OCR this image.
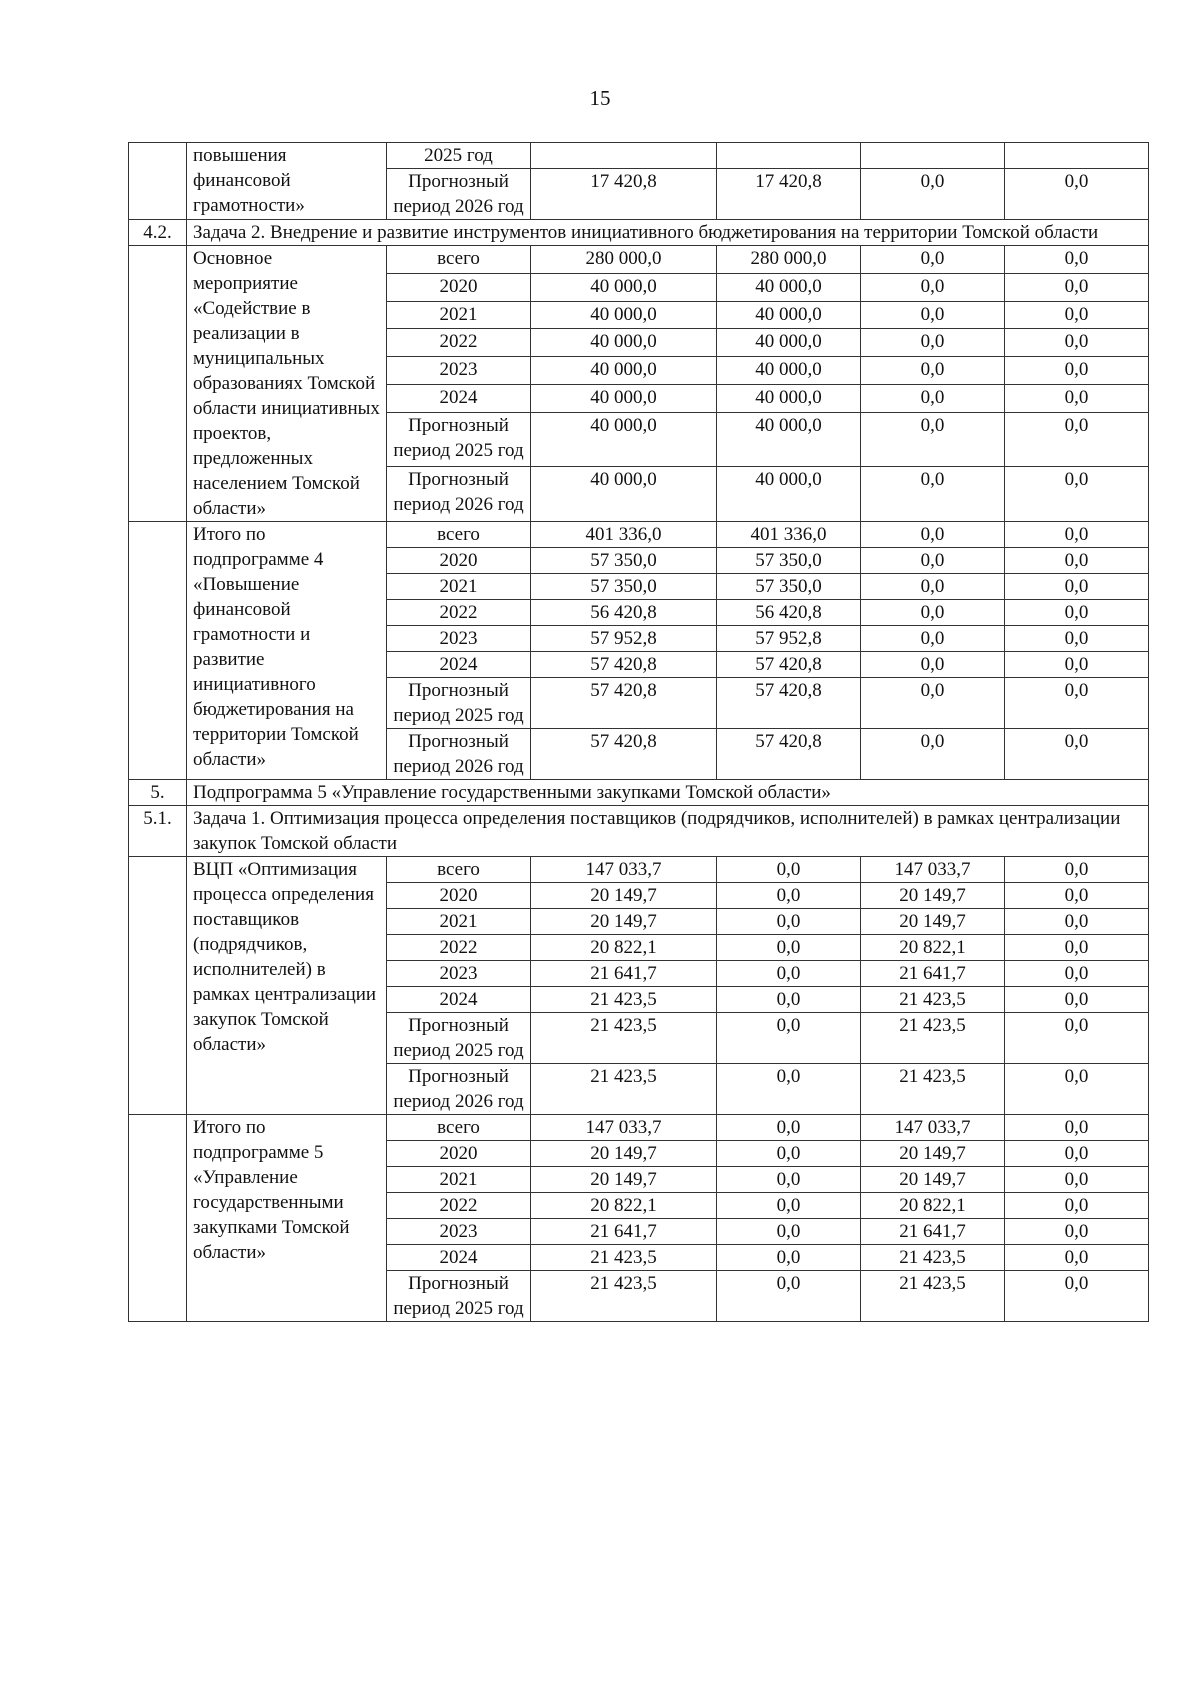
15
	повышения финансовой грамотности»	2025 год				
		Прогнозный период 2026 год	17 420,8	17 420,8	0,0	0,0
4.2.	Задача 2. Внедрение и развитие инструментов инициативного бюджетирования на территории Томской области					
	Основное мероприятие «Содействие в реализации в муниципальных образованиях Томской области инициативных проектов, предложенных населением Томской области»	всего	280 000,0	280 000,0	0,0	0,0
		2020	40 000,0	40 000,0	0,0	0,0
		2021	40 000,0	40 000,0	0,0	0,0
		2022	40 000,0	40 000,0	0,0	0,0
		2023	40 000,0	40 000,0	0,0	0,0
		2024	40 000,0	40 000,0	0,0	0,0
		Прогнозный период 2025 год	40 000,0	40 000,0	0,0	0,0
		Прогнозный период 2026 год	40 000,0	40 000,0	0,0	0,0
	Итого по подпрограмме 4 «Повышение финансовой грамотности и развитие инициативного бюджетирования на территории Томской области»	всего	401 336,0	401 336,0	0,0	0,0
		2020	57 350,0	57 350,0	0,0	0,0
		2021	57 350,0	57 350,0	0,0	0,0
		2022	56 420,8	56 420,8	0,0	0,0
		2023	57 952,8	57 952,8	0,0	0,0
		2024	57 420,8	57 420,8	0,0	0,0
		Прогнозный период 2025 год	57 420,8	57 420,8	0,0	0,0
		Прогнозный период 2026 год	57 420,8	57 420,8	0,0	0,0
5.	Подпрограмма 5 «Управление государственными закупками Томской области»					
5.1.	Задача 1. Оптимизация процесса определения поставщиков (подрядчиков, исполнителей) в рамках централизации закупок Томской области					
	ВЦП «Оптимизация процесса определения поставщиков (подрядчиков, исполнителей) в рамках централизации закупок Томской области»	всего	147 033,7	0,0	147 033,7	0,0
		2020	20 149,7	0,0	20 149,7	0,0
		2021	20 149,7	0,0	20 149,7	0,0
		2022	20 822,1	0,0	20 822,1	0,0
		2023	21 641,7	0,0	21 641,7	0,0
		2024	21 423,5	0,0	21 423,5	0,0
		Прогнозный период 2025 год	21 423,5	0,0	21 423,5	0,0
		Прогнозный период 2026 год	21 423,5	0,0	21 423,5	0,0
	Итого по подпрограмме 5 «Управление государственными закупками Томской области»	всего	147 033,7	0,0	147 033,7	0,0
		2020	20 149,7	0,0	20 149,7	0,0
		2021	20 149,7	0,0	20 149,7	0,0
		2022	20 822,1	0,0	20 822,1	0,0
		2023	21 641,7	0,0	21 641,7	0,0
		2024	21 423,5	0,0	21 423,5	0,0
		Прогнозный период 2025 год	21 423,5	0,0	21 423,5	0,0
